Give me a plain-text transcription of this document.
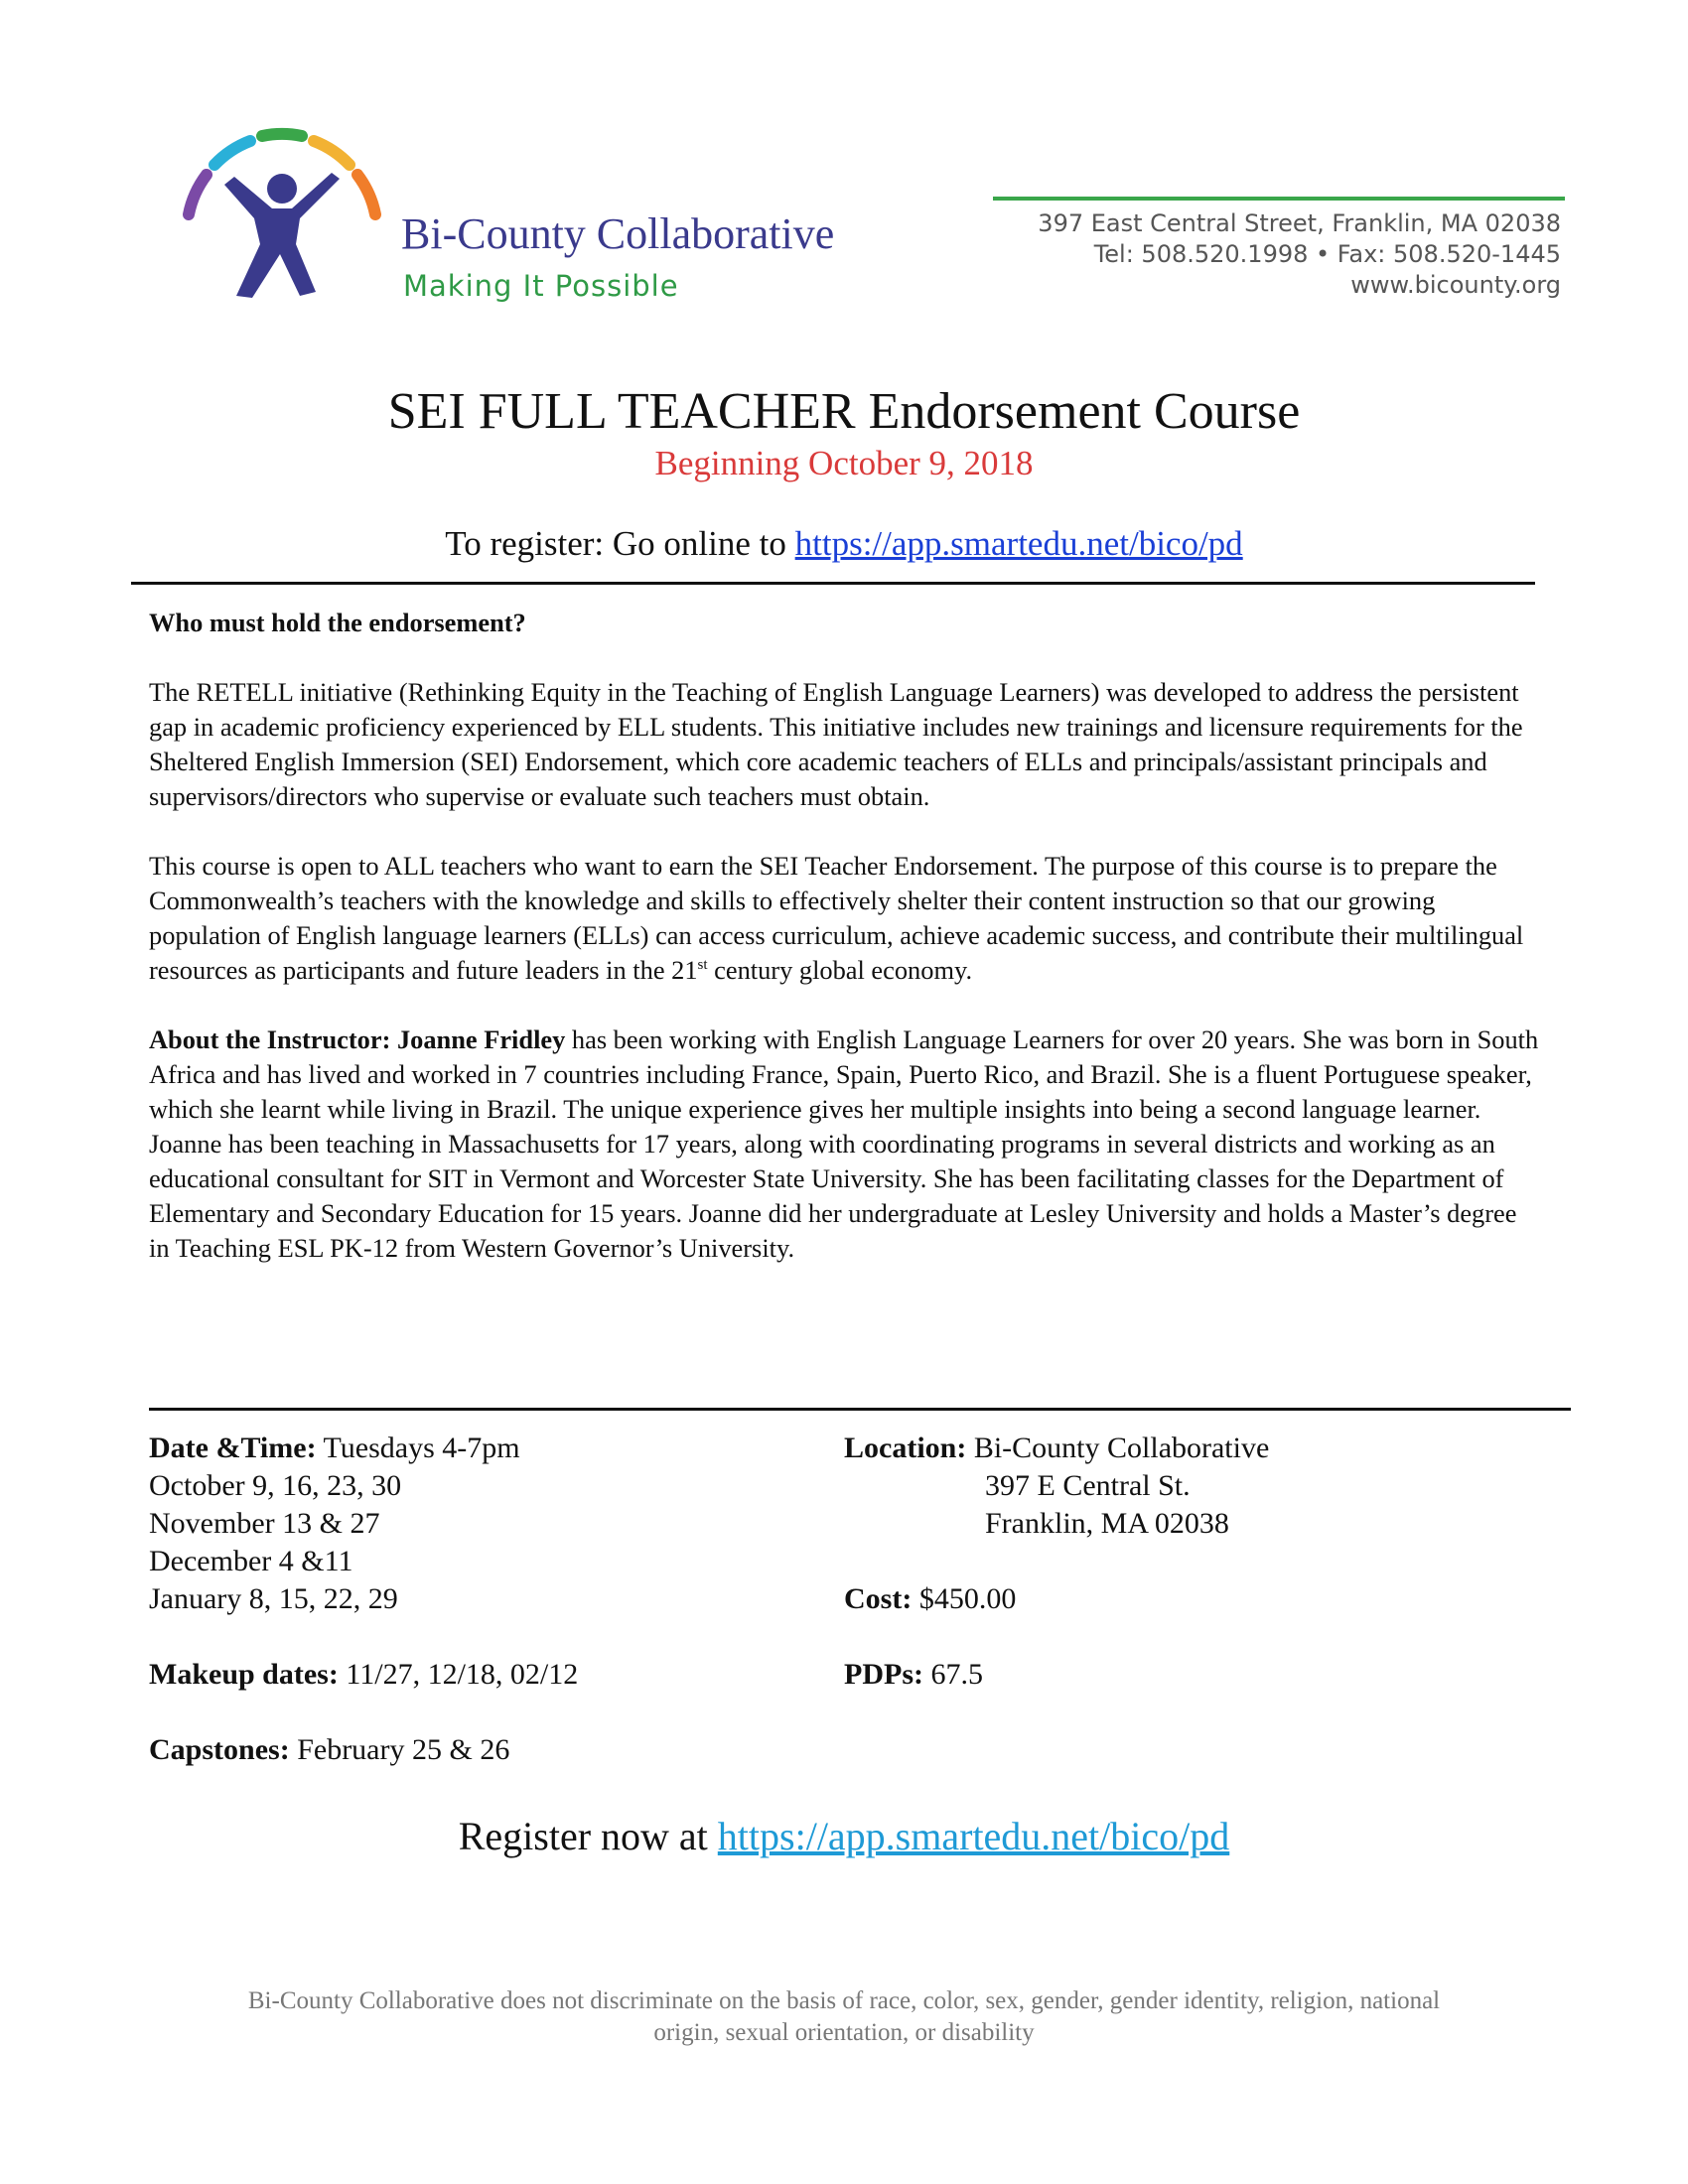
Bi-County Collaborative
Making It Possible
397 East Central Street, Franklin, MA 02038
Tel: 508.520.1998 • Fax: 508.520-1445
www.bicounty.org
SEI FULL TEACHER Endorsement Course
Beginning October 9, 2018
To register: Go online to https://app.smartedu.net/bico/pd

Who must hold the endorsement?

The RETELL initiative (Rethinking Equity in the Teaching of English Language Learners) was developed to address the persistent gap in academic proficiency experienced by ELL students. This initiative includes new trainings and licensure requirements for the Sheltered English Immersion (SEI) Endorsement, which core academic teachers of ELLs and principals/assistant principals and supervisors/directors who supervise or evaluate such teachers must obtain.

This course is open to ALL teachers who want to earn the SEI Teacher Endorsement. The purpose of this course is to prepare the Commonwealth’s teachers with the knowledge and skills to effectively shelter their content instruction so that our growing population of English language learners (ELLs) can access curriculum, achieve academic success, and contribute their multilingual resources as participants and future leaders in the 21st century global economy.

About the Instructor: Joanne Fridley has been working with English Language Learners for over 20 years. She was born in South Africa and has lived and worked in 7 countries including France, Spain, Puerto Rico, and Brazil. She is a fluent Portuguese speaker, which she learnt while living in Brazil. The unique experience gives her multiple insights into being a second language learner. Joanne has been teaching in Massachusetts for 17 years, along with coordinating programs in several districts and working as an educational consultant for SIT in Vermont and Worcester State University. She has been facilitating classes for the Department of Elementary and Secondary Education for 15 years. Joanne did her undergraduate at Lesley University and holds a Master’s degree in Teaching ESL PK-12 from Western Governor’s University.

Date &Time: Tuesdays 4-7pm
October 9, 16, 23, 30
November 13 & 27
December 4 &11
January 8, 15, 22, 29
Makeup dates: 11/27, 12/18, 02/12
Capstones: February 25 & 26
Location: Bi-County Collaborative
397 E Central St.
Franklin, MA 02038
Cost: $450.00
PDPs: 67.5
Register now at https://app.smartedu.net/bico/pd
Bi-County Collaborative does not discriminate on the basis of race, color, sex, gender, gender identity, religion, national
origin, sexual orientation, or disability
